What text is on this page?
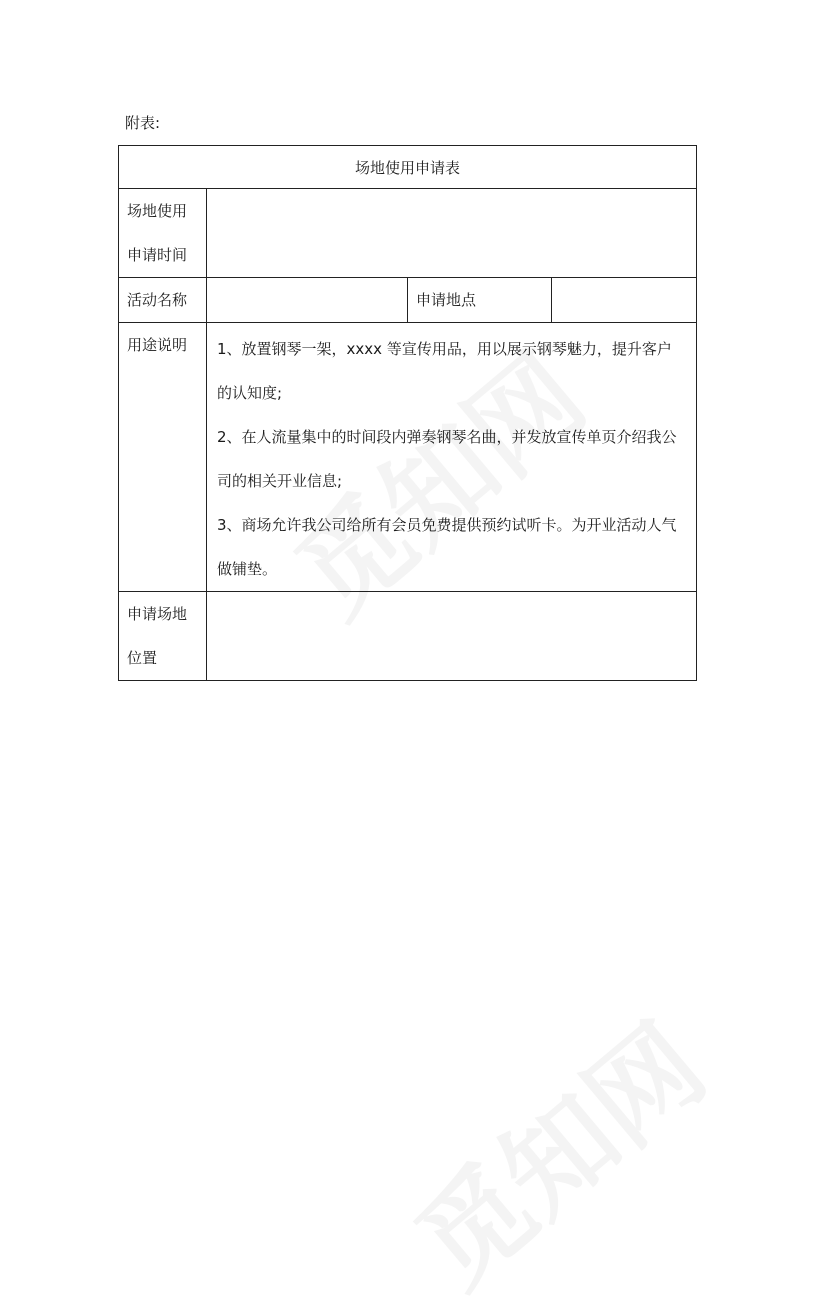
附表:
场地使用申请表			

场地使用
申请时间			

活动名称		申请地点	
用途说明	1、放置钢琴一架，xxxx 等宣传用品，用以展示钢琴魅力，提升客户的认知度;

2、在人流量集中的时间段内弹奏钢琴名曲，并发放宣传单页介绍我公司的相关开业信息;

3、商场允许我公司给所有会员免费提供预约试听卡。为开业活动人气做铺垫。		

申请场地
位置			
